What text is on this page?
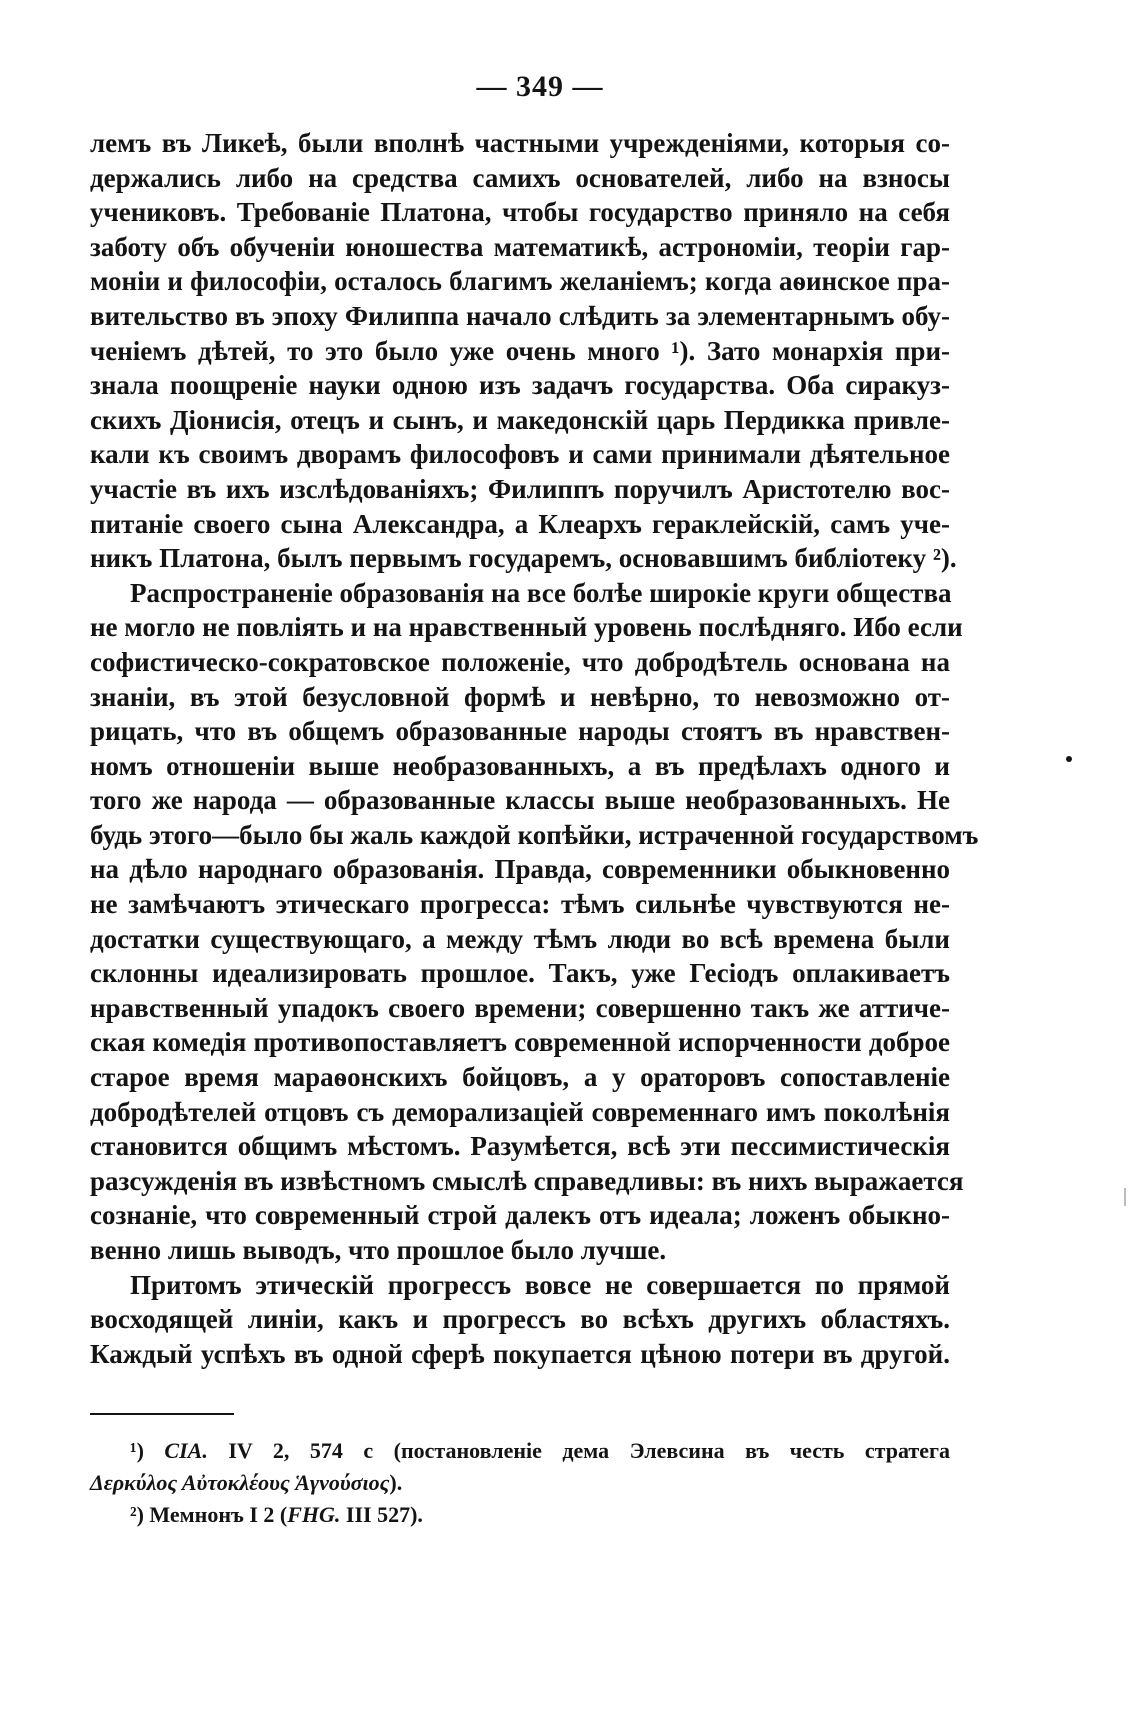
— 349 —

лемъ въ Ликеѣ, были вполнѣ частными учрежденiями, которыя со-
держались либо на средства самихъ основателей, либо на взносы
учениковъ. Требованiе Платона, чтобы государство приняло на себя
заботу объ обученiи юношества математикѣ, астрономiи, теорiи гар-
монiи и философiи, осталось благимъ желанiемъ; когда аѳинское пра-
вительство въ эпоху Филиппа начало слѣдить за элементарнымъ обу-
ченiемъ дѣтей, то это было уже очень много ¹). Зато монархiя при-
знала поощренiе науки одною изъ задачъ государства. Оба сиракуз-
скихъ Дiонисiя, отецъ и сынъ, и македонскiй царь Пердикка привле-
кали къ своимъ дворамъ философовъ и сами принимали дѣятельное
участiе въ ихъ изслѣдованiяхъ; Филиппъ поручилъ Аристотелю вос-
питанiе своего сына Александра, а Клеархъ гераклейскiй, самъ уче-
никъ Платона, былъ первымъ государемъ, основавшимъ библiотеку ²).

Распространенiе образованiя на все болѣе широкiе круги общества
не могло не повлiять и на нравственный уровень послѣдняго. Ибо если
софистическо-сократовское положенiе, что добродѣтель основана на
знанiи, въ этой безусловной формѣ и невѣрно, то невозможно от-
рицать, что въ общемъ образованные народы стоятъ въ нравствен-
номъ отношенiи выше необразованныхъ, а въ предѣлахъ одного и
того же народа — образованные классы выше необразованныхъ. Не
будь этого—было бы жаль каждой копѣйки, истраченной государствомъ
на дѣло народнаго образованiя. Правда, современники обыкновенно
не замѣчаютъ этическаго прогресса: тѣмъ сильнѣе чувствуются не-
достатки существующаго, а между тѣмъ люди во всѣ времена были
склонны идеализировать прошлое. Такъ, уже Гесiодъ оплакиваетъ
нравственный упадокъ своего времени; совершенно такъ же аттиче-
ская комедiя противопоставляетъ современной испорченности доброе
старое время мараѳонскихъ бойцовъ, а у ораторовъ сопоставленiе
добродѣтелей отцовъ съ деморализацiей современнаго имъ поколѣнiя
становится общимъ мѣстомъ. Разумѣется, всѣ эти пессимистическiя
разсужденiя въ извѣстномъ смыслѣ справедливы: въ нихъ выражается
сознанiе, что современный строй далекъ отъ идеала; ложенъ обыкно-
венно лишь выводъ, что прошлое было лучше.

Притомъ этическiй прогрессъ вовсе не совершается по прямой
восходящей линiи, какъ и прогрессъ во всѣхъ другихъ областяхъ.
Каждый успѣхъ въ одной сферѣ покупается цѣною потери въ другой.

¹) CIA. IV 2, 574 c (постановленiе дема Элевсина въ честь стратега
Δερκύλος Αὐτοκλέους Ἁγνούσιος).

²) Мемнонъ I 2 (FHG. III 527).
